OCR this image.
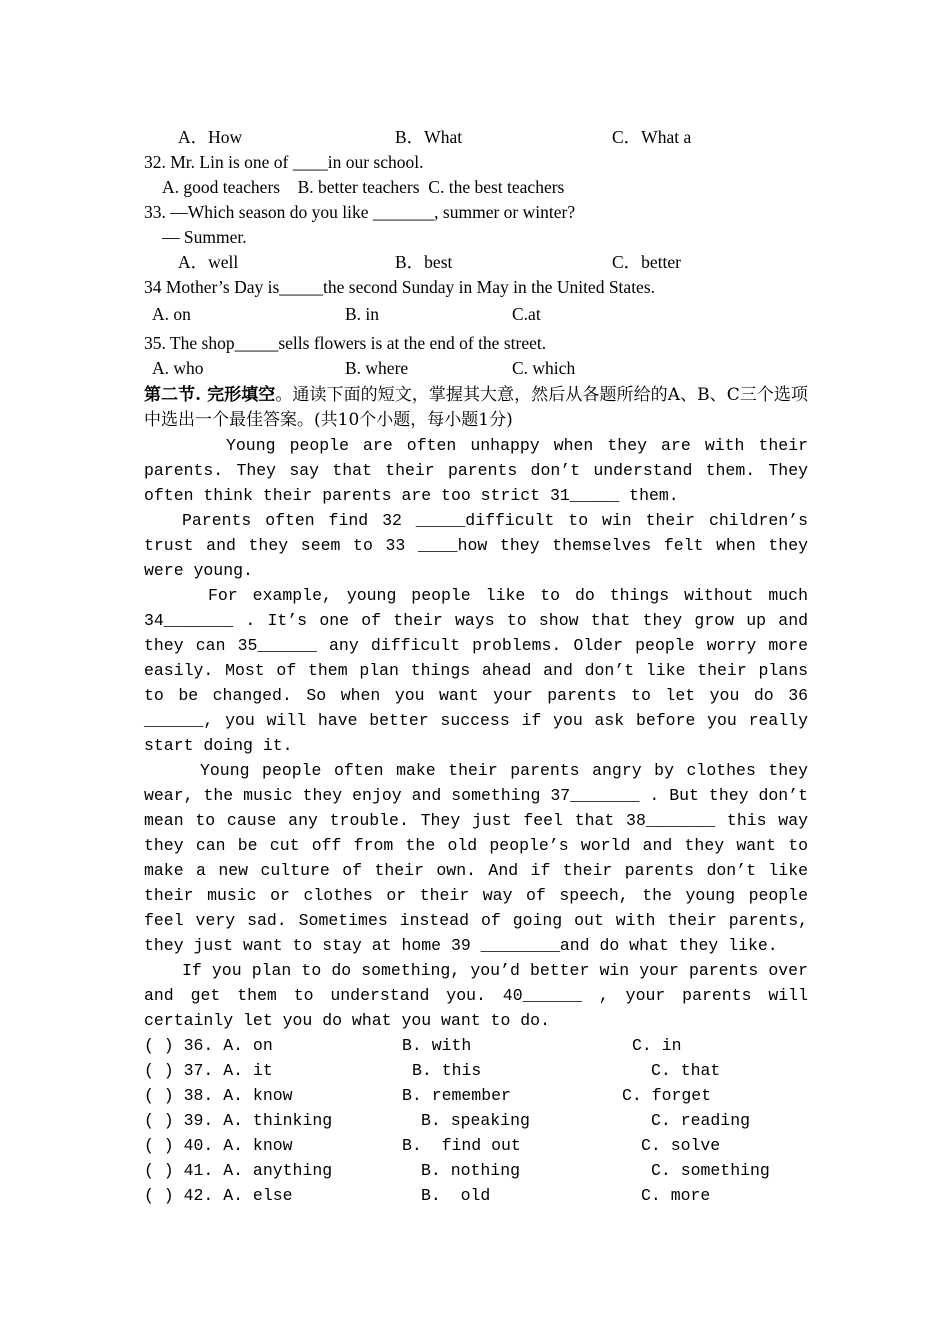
A．How	B．What	C．What a
32. Mr. Lin is one of ____in our school.
A. good teachers    B. better teachers  C. the best teachers
33. —Which season do you like _______, summer or winter?
— Summer.
A．well	B．best	C．better
34 Mother’s Day is_____the second Sunday in May in the United States.
A. on	B. in	C.at
35. The shop_____sells flowers is at the end of the street.
A. who	B. where	C. which
第二节. 完形填空。通读下面的短文，掌握其大意，然后从各题所给的A、B、C三个选项中选出一个最佳答案。(共10个小题，每小题1分)
Young people are often unhappy when they are with their parents. They say that their parents don’t understand them. They often think their parents are too strict 31_____ them.
Parents often find 32 _____difficult to win their children’s trust and they seem to 33 ____how they themselves felt when they were young.
For example, young people like to do things without much 34_______ . It’s one of their ways to show that they grow up and they can 35______ any difficult problems. Older people worry more easily. Most of them plan things ahead and don’t like their plans to be changed. So when you want your parents to let you do 36 ______, you will have better success if you ask before you really start doing it.
Young people often make their parents angry by clothes they wear, the music they enjoy and something 37_______ . But they don’t mean to cause any trouble. They just feel that 38_______ this way they can be cut off from the old people’s world and they want to make a new culture of their own. And if their parents don’t like their music or clothes or their way of speech, the young people feel very sad. Sometimes instead of going out with their parents, they just want to stay at home 39 ________and do what they like.
If you plan to do something, you’d better win your parents over and get them to understand you. 40______ , your parents will certainly let you do what you want to do.
( ) 36. A. on	B. with	C. in
( ) 37. A. it	B. this	C. that
( ) 38. A. know	B. remember	C. forget
( ) 39. A. thinking	B. speaking	C. reading
( ) 40. A. know	B.  find out	C. solve
( ) 41. A. anything	B. nothing	C. something
( ) 42. A. else	B.  old	C. more
